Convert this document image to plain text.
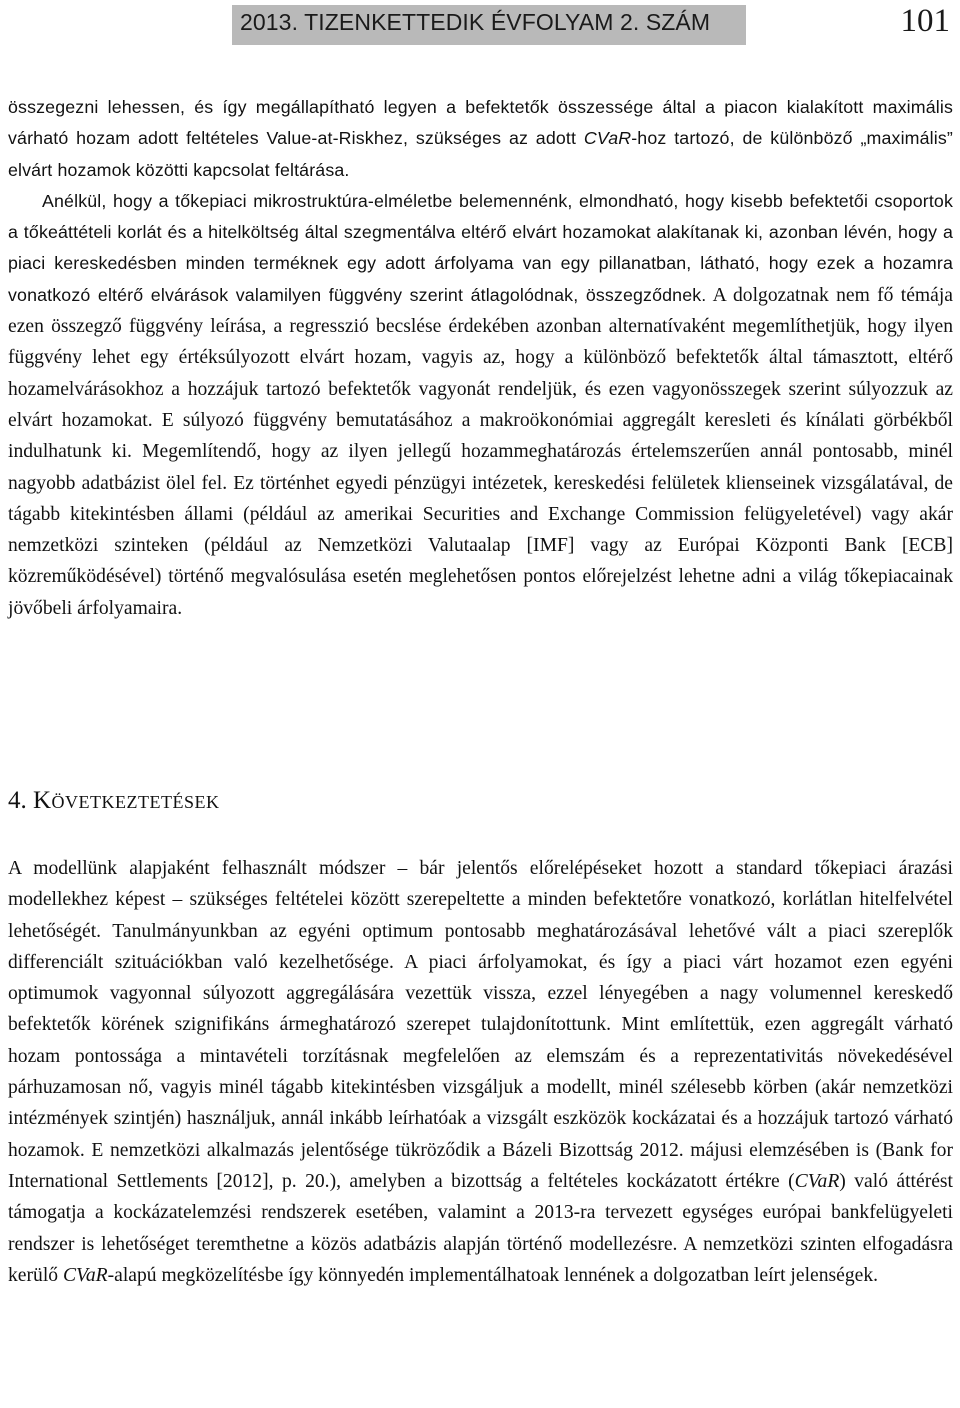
2013. TIZENKETTEDIK ÉVFOLYAM 2. SZÁM	101

összegezni lehessen, és így megállapítható legyen a befektetők összessége által a piacon kialakított maximális várható hozam adott feltételes Value-at-Riskhez, szükséges az adott CVaR-hoz tartozó, de különböző „maximális” elvárt hozamok közötti kapcsolat feltárása.

Anélkül, hogy a tőkepiaci mikrostruktúra-elméletbe belemennénk, elmondható, hogy kisebb befektetői csoportok a tőkeáttételi korlát és a hitelköltség által szegmentálva eltérő elvárt hozamokat alakítanak ki, azonban lévén, hogy a piaci kereskedésben minden terméknek egy adott árfolyama van egy pillanatban, látható, hogy ezek a hozamra vonatkozó eltérő elvárások valamilyen függvény szerint átlagolódnak, összegződnek. A dolgozatnak nem fő témája ezen összegző függvény leírása, a regresszió becslése érdekében azonban alternatívaként megemlíthetjük, hogy ilyen függvény lehet egy értéksúlyozott elvárt hozam, vagyis az, hogy a különböző befektetők által támasztott, eltérő hozamelvárásokhoz a hozzájuk tartozó befektetők vagyonát rendeljük, és ezen vagyonösszegek szerint súlyozzuk az elvárt hozamokat. E súlyozó függvény bemutatásához a makroökonómiai aggregált keresleti és kínálati görbékből indulhatunk ki. Megemlítendő, hogy az ilyen jellegű hozammeghatározás értelemszerűen annál pontosabb, minél nagyobb adatbázist ölel fel. Ez történhet egyedi pénzügyi intézetek, kereskedési felületek klienseinek vizsgálatával, de tágabb kitekintésben állami (például az amerikai Securities and Exchange Commission felügyeletével) vagy akár nemzetközi szinteken (például az Nemzetközi Valutaalap [IMF] vagy az Európai Központi Bank [ECB] közreműködésével) történő megvalósulása esetén meglehetősen pontos előrejelzést lehetne adni a világ tőkepiacainak jövőbeli árfolyamaira.

4. Következtetések

A modellünk alapjaként felhasznált módszer – bár jelentős előrelépéseket hozott a standard tőkepiaci árazási modellekhez képest – szükséges feltételei között szerepeltette a minden befektetőre vonatkozó, korlátlan hitelfelvétel lehetőségét. Tanulmányunkban az egyéni optimum pontosabb meghatározásával lehetővé vált a piaci szereplők differenciált szituációkban való kezelhetősége. A piaci árfolyamokat, és így a piaci várt hozamot ezen egyéni optimumok vagyonnal súlyozott aggregálására vezettük vissza, ezzel lényegében a nagy volumennel kereskedő befektetők körének szignifikáns ármeghatározó szerepet tulajdonítottunk. Mint említettük, ezen aggregált várható hozam pontossága a mintavételi torzításnak megfelelően az elemszám és a reprezentativitás növekedésével párhuzamosan nő, vagyis minél tágabb kitekintésben vizsgáljuk a modellt, minél szélesebb körben (akár nemzetközi intézmények szintjén) használjuk, annál inkább leírhatóak a vizsgált eszközök kockázatai és a hozzájuk tartozó várható hozamok. E nemzetközi alkalmazás jelentősége tükröződik a Bázeli Bizottság 2012. májusi elemzésében is (Bank for International Settlements [2012], p. 20.), amelyben a bizottság a feltételes kockázatott értékre (CVaR) való áttérést támogatja a kockázatelemzési rendszerek esetében, valamint a 2013-ra tervezett egységes európai bankfelügyeleti rendszer is lehetőséget teremthetne a közös adatbázis alapján történő modellezésre. A nemzetközi szinten elfogadásra kerülő CVaR-alapú megközelítésbe így könnyedén implementálhatoak lennének a dolgozatban leírt jelenségek.
